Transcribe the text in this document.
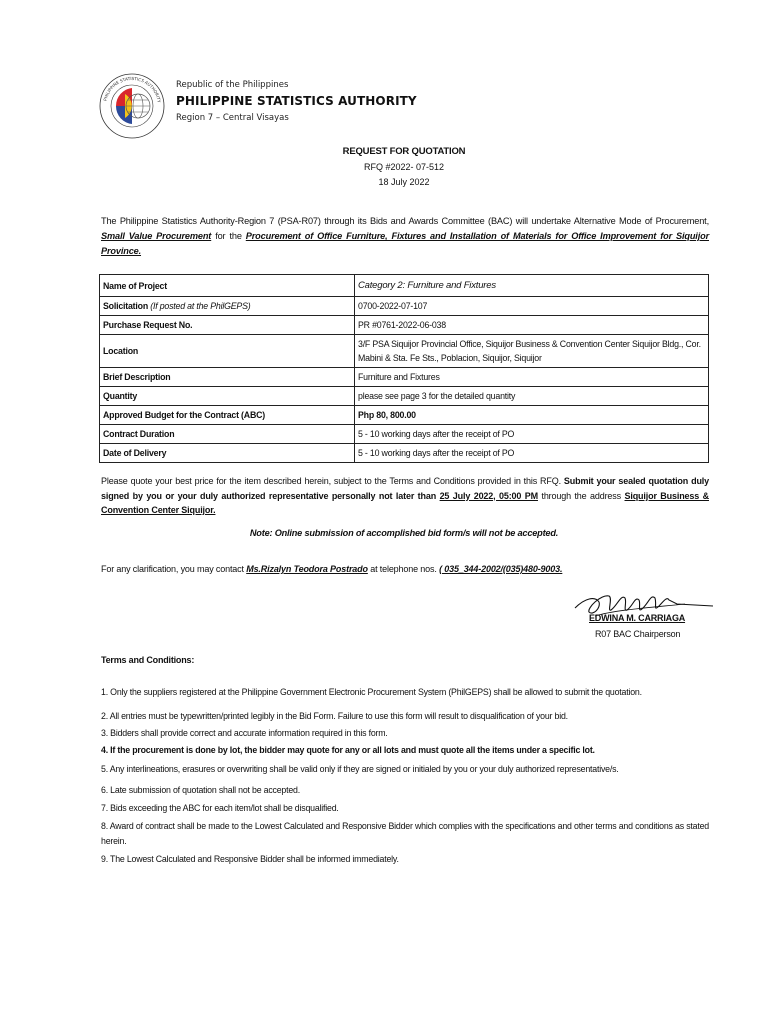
PHILIPPINE STATISTICS AUTHORITY
Republic of the Philippines
PHILIPPINE STATISTICS AUTHORITY
Region 7 – Central Visayas
REQUEST FOR QUOTATION
RFQ #2022- 07-512
18 July 2022
The Philippine Statistics Authority-Region 7 (PSA-R07) through its Bids and Awards Committee (BAC) will undertake Alternative Mode of Procurement, Small Value Procurement for the Procurement of Office Furniture, Fixtures and Installation of Materials for Office Improvement for Siquijor Province.
Name of Project	Category 2: Furniture and Fixtures
Solicitation (If posted at the PhilGEPS)	0700-2022-07-107
Purchase Request No.	PR #0761-2022-06-038
Location	3/F PSA Siquijor Provincial Office, Siquijor Business & Convention Center Siquijor Bldg., Cor. Mabini & Sta. Fe Sts., Poblacion, Siquijor, Siquijor
Brief Description	Furniture and Fixtures
Quantity	please see page 3 for the detailed quantity
Approved Budget for the Contract (ABC)	Php 80, 800.00
Contract Duration	5 - 10 working days after the receipt of PO
Date of Delivery	5 - 10 working days after the receipt of PO
Please quote your best price for the item described herein, subject to the Terms and Conditions provided in this RFQ. Submit your sealed quotation duly signed by you or your duly authorized representative personally not later than 25 July 2022, 05:00 PM through the address Siquijor Business & Convention Center Siquijor.
Note: Online submission of accomplished bid form/s will not be accepted.
For any clarification, you may contact Ms.Rizalyn Teodora Postrado at telephone nos. ( 035_344-2002/(035)480-9003.
EDWINA M. CARRIAGA
R07 BAC Chairperson
Terms and Conditions:
1. Only the suppliers registered at the Philippine Government Electronic Procurement System (PhilGEPS) shall be allowed to submit the quotation.
2. All entries must be typewritten/printed legibly in the Bid Form. Failure to use this form will result to disqualification of your bid.
3. Bidders shall provide correct and accurate information required in this form.
4. If the procurement is done by lot, the bidder may quote for any or all lots and must quote all the items under a specific lot.
5. Any interlineations, erasures or overwriting shall be valid only if they are signed or initialed by you or your duly authorized representative/s.
6. Late submission of quotation shall not be accepted.
7. Bids exceeding the ABC for each item/lot shall be disqualified.
8. Award of contract shall be made to the Lowest Calculated and Responsive Bidder which complies with the specifications and other terms and conditions as stated herein.
9. The Lowest Calculated and Responsive Bidder shall be informed immediately.
